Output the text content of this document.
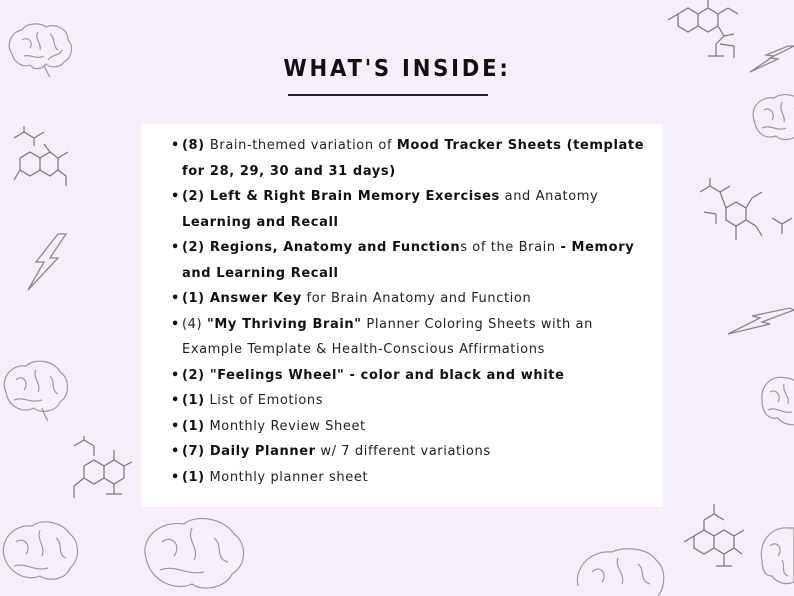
WHAT'S INSIDE:
• (8) Brain-themed variation of Mood Tracker Sheets (template for 28, 29, 30 and 31 days)
• (2) Left & Right Brain Memory Exercises and Anatomy Learning and Recall
• (2) Regions, Anatomy and Functions of the Brain - Memory and Learning Recall
• (1) Answer Key for Brain Anatomy and Function
• (4) "My Thriving Brain" Planner Coloring Sheets with an Example Template & Health-Conscious Affirmations
• (2) "Feelings Wheel" - color and black and white
• (1) List of Emotions
• (1) Monthly Review Sheet
• (7) Daily Planner w/ 7 different variations
• (1) Monthly planner sheet
